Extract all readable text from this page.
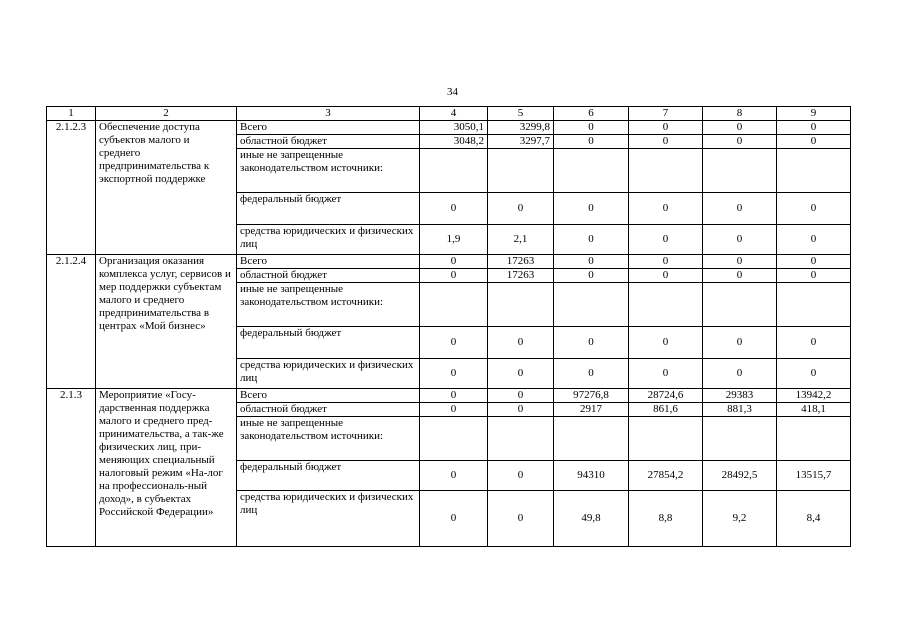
34
1	2	3	4	5	6	7	8	9
2.1.2.3	Обеспечение доступа субъектов малого и среднего предпринимательства к экспортной поддержке	Всего	3050,1	3299,8	0	0	0	0
		областной бюджет	3048,2	3297,7	0	0	0	0
		иные не запрещенные законодательством источники:						
		федеральный бюджет	0	0	0	0	0	0
		средства юридических и физических лиц	1,9	2,1	0	0	0	0
2.1.2.4	Организация оказания комплекса услуг, сервисов и мер поддержки субъектам малого и среднего предпринимательства в центрах «Мой бизнес»	Всего	0	17263	0	0	0	0
		областной бюджет	0	17263	0	0	0	0
		иные не запрещенные законодательством источники:						
		федеральный бюджет	0	0	0	0	0	0
		средства юридических и физических лиц	0	0	0	0	0	0
2.1.3	Мероприятие «Госу-дарственная поддержка малого и среднего пред-принимательства, а так-же физических лиц, при-меняющих специальный налоговый режим «На-лог на профессиональ-ный доход», в субъектах Российской Федерации»	Всего	0	0	97276,8	28724,6	29383	13942,2
		областной бюджет	0	0	2917	861,6	881,3	418,1
		иные не запрещенные законодательством источники:						
		федеральный бюджет	0	0	94310	27854,2	28492,5	13515,7
		средства юридических и физических лиц	0	0	49,8	8,8	9,2	8,4
